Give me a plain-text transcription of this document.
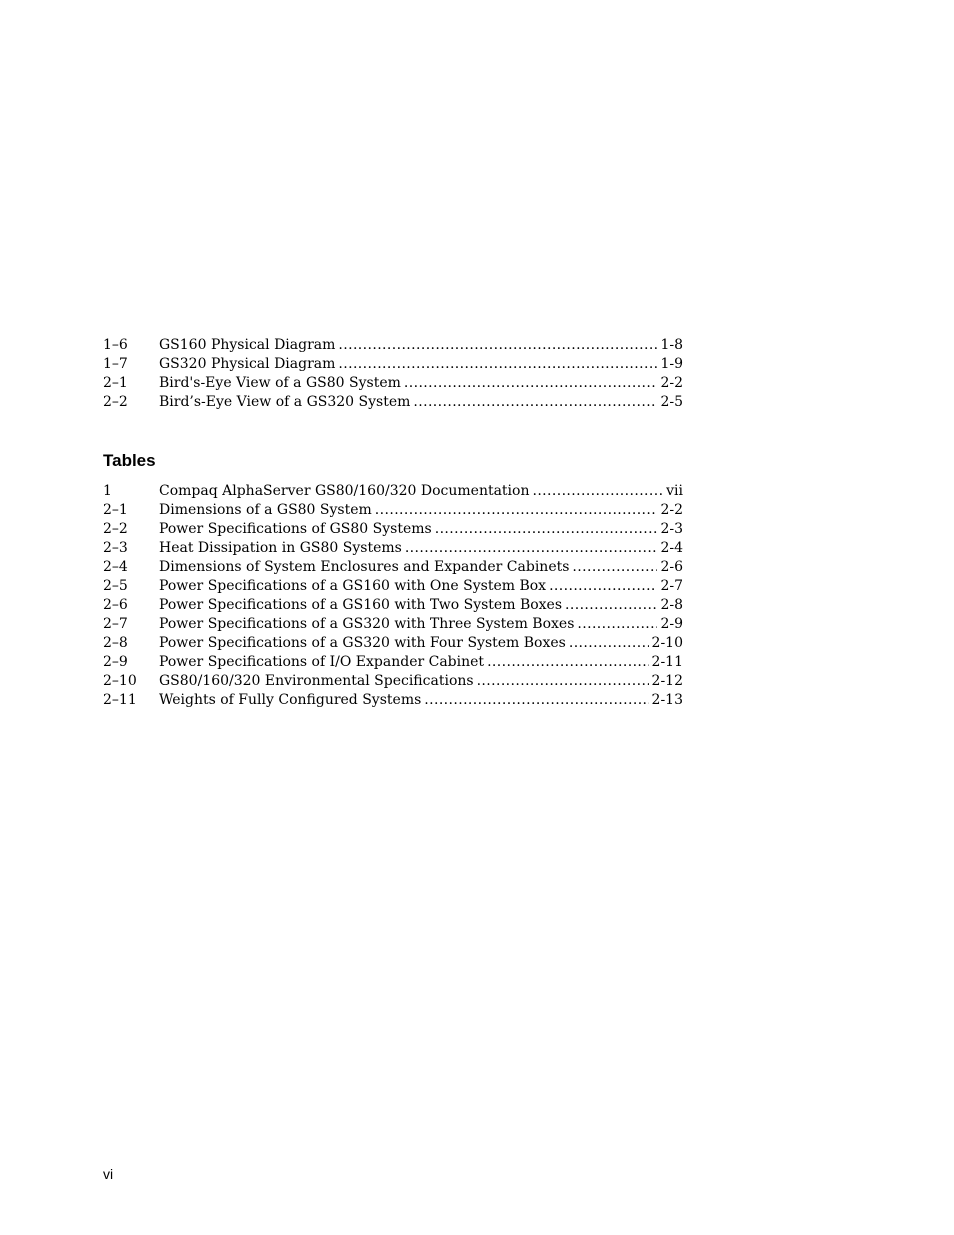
1–6	GS160 Physical Diagram .....	1-8
1–7	GS320 Physical Diagram .....	1-9
2–1	Bird's-Eye View of a GS80 System .....	2-2
2–2	Bird’s-Eye View of a GS320 System .....	2-5
Tables
1	Compaq AlphaServer GS80/160/320 Documentation .....	vii
2–1	Dimensions of a GS80 System .....	2-2
2–2	Power Specifications of GS80 Systems .....	2-3
2–3	Heat Dissipation in GS80 Systems .....	2-4
2–4	Dimensions of System Enclosures and Expander Cabinets .....	2-6
2–5	Power Specifications of a GS160 with One System Box .....	2-7
2–6	Power Specifications of a GS160 with Two System Boxes .....	2-8
2–7	Power Specifications of a GS320 with Three System Boxes .....	2-9
2–8	Power Specifications of a GS320 with Four System Boxes .....	2-10
2–9	Power Specifications of I/O Expander Cabinet .....	2-11
2–10	GS80/160/320 Environmental Specifications .....	2-12
2–11	Weights of Fully Configured Systems .....	2-13
vi
